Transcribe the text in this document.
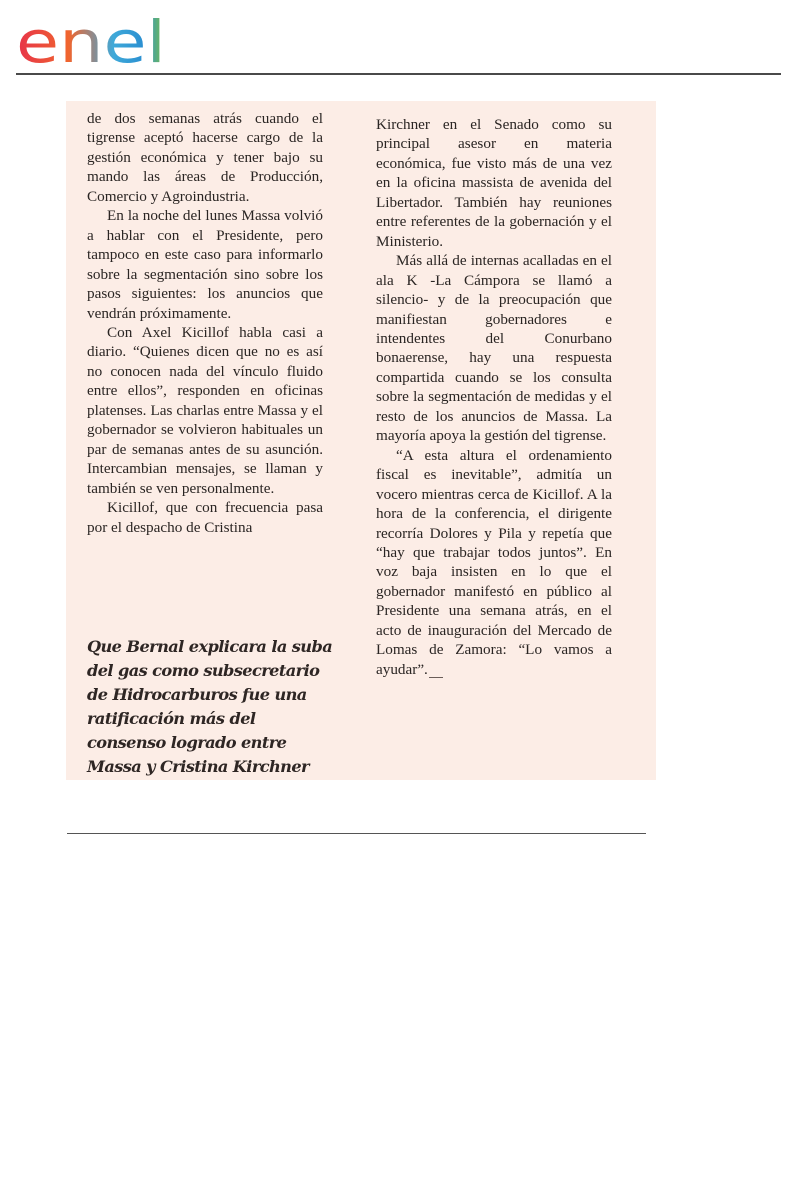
enel

de dos semanas atrás cuando el tigrense aceptó hacerse cargo de la gestión económica y tener bajo su mando las áreas de Producción, Comercio y Agroindustria.

En la noche del lunes Massa volvió a hablar con el Presidente, pero tampoco en este caso para informarlo sobre la segmentación sino sobre los pasos siguientes: los anuncios que vendrán próximamente.

Con Axel Kicillof habla casi a diario. “Quienes dicen que no es así no conocen nada del vínculo fluido entre ellos”, responden en oficinas platenses. Las charlas entre Massa y el gobernador se volvieron habituales un par de semanas antes de su asunción. Intercambian mensajes, se llaman y también se ven personalmente.

Kicillof, que con frecuencia pasa por el despacho de Cristina

Que Bernal explicara la suba del gas como subsecretario de Hidrocarburos fue una ratificación más del consenso logrado entre Massa y Cristina Kirchner

Kirchner en el Senado como su principal asesor en materia económica, fue visto más de una vez en la oficina massista de avenida del Libertador. También hay reuniones entre referentes de la gobernación y el Ministerio.

Más allá de internas acalladas en el ala K -La Cámpora se llamó a silencio- y de la preocupación que manifiestan gobernadores e intendentes del Conurbano bonaerense, hay una respuesta compartida cuando se los consulta sobre la segmentación de medidas y el resto de los anuncios de Massa. La mayoría apoya la gestión del tigrense.

“A esta altura el ordenamiento fiscal es inevitable”, admitía un vocero mientras cerca de Kicillof. A la hora de la conferencia, el dirigente recorría Dolores y Pila y repetía que “hay que trabajar todos juntos”. En voz baja insisten en lo que el gobernador manifestó en público al Presidente una semana atrás, en el acto de inauguración del Mercado de Lomas de Zamora: “Lo vamos a ayudar”.
